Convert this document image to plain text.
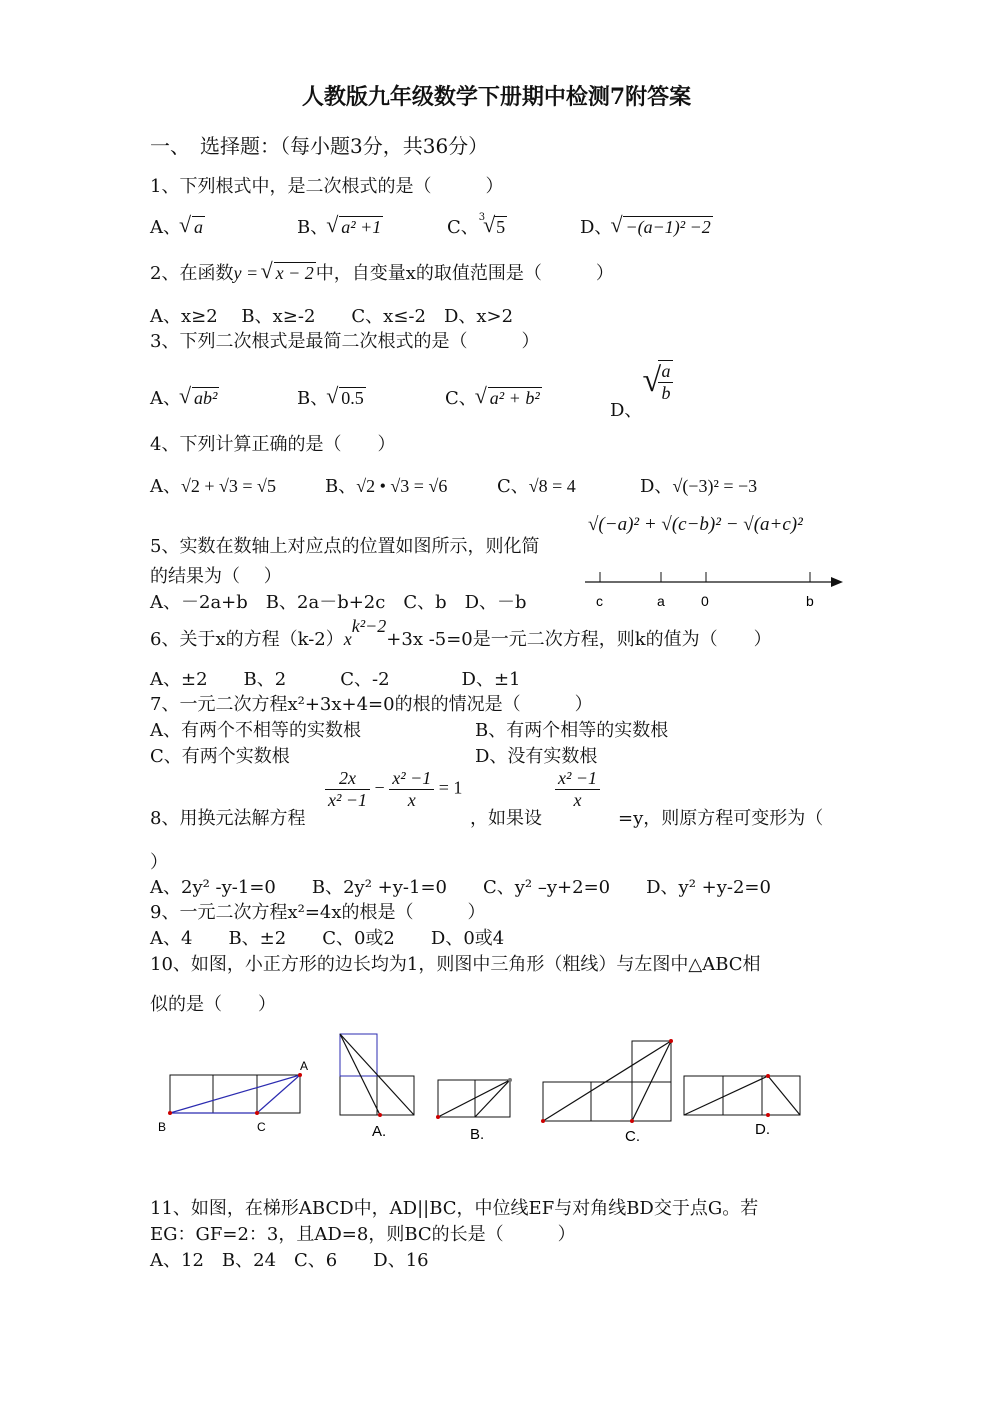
人教版九年级数学下册期中检测7附答案
一、　选择题：（每小题3分，共36分）
1、下列根式中，是二次根式的是（　　　）
A、 √ a	B、 √ a² +1	C、$^3$ √ 5	D、 √ −(a−1)² −2
2、在函数y = √ x − 2 中，自变量x的取值范围是（　　　）
A、x≥2　 B、x≥-2　　C、x≤-2　D、x>2
3、下列二次根式是最简二次根式的是（　　　）
A、 √ ab²	B、 √ 0.5	C、 √ a² + b²
D、
√
$\frac{a}{b}$
4、下列计算正确的是（　　）
A、√2 + √3 = √5	B、√2 • √3 = √6	C、√8 = 4	D、√(−3)² = −3
5、实数在数轴上对应点的位置如图所示，则化简
√(−a)² + √(c−b)² − √(a+c)²
的结果为（　 ）
A、－2a+b　B、2a－b+2c　C、b　D、－b	c	a	0	b
6、关于x的方程$(k-2)x^{k^2-2}+3x$ -5=0是一元二次方程，则k的值为（　　）
A、±2　　B、2　　　C、-2　　　　D、±1
7、一元二次方程x²+3x+4=0的根的情况是（　　　）
A、有两个不相等的实数根	B、有两个相等的实数根
C、有两个实数根	D、没有实数根
8、用换元法解方程
$\frac{2x}{\text{x² −1}} - \frac{\text{x² −1}}{x} = 1$
，如果设
$\frac{\text{x² −1}}{x}$
=y，则原方程可变形为（
）
A、2y² -y-1=0　　B、2y² +y-1=0　　C、y² –y+2=0　　D、y² +y-2=0
9、一元二次方程x²=4x的根是（　　　）
A、4　　B、±2　　C、0或2　　D、0或4
10、如图，小正方形的边长均为1，则图中三角形（粗线）与左图中△ABC相
似的是（　　）
A
B	C	A.	B.	C.	D.
11、如图，在梯形ABCD中，AD||BC，中位线EF与对角线BD交于点G。若
EG：GF=2：3，且AD=8，则BC的长是（　　　）
A、12　B、24　C、6　　D、16
